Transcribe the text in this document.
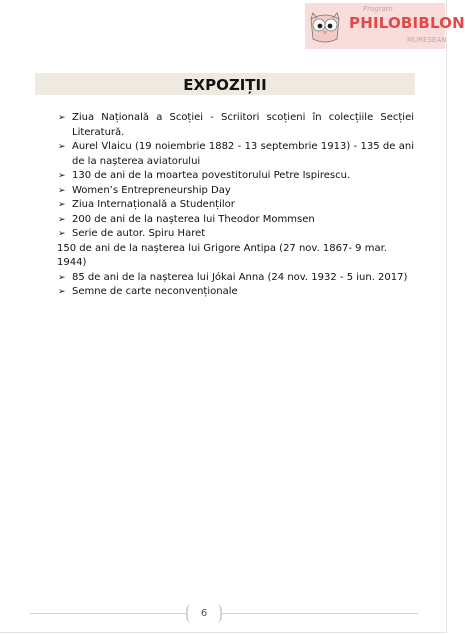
Program
PHILOBIBLON
MUREȘEAN
EXPOZIȚII
➢ Ziua Națională a Scoției - Scriitori scoțieni în colecțiile Secției Literatură.
➢ Aurel Vlaicu (19 noiembrie 1882 - 13 septembrie 1913) - 135 de ani de la nașterea aviatorului
➢ 130 de ani de la moartea povestitorului Petre Ispirescu.
➢ Women’s Entrepreneurship Day
➢ Ziua Internațională a Studenților
➢ 200 de ani de la nașterea lui Theodor Mommsen
➢ Serie de autor. Spiru Haret
150 de ani de la nașterea lui Grigore Antipa (27 nov. 1867- 9 mar. 1944)
➢ 85 de ani de la nașterea lui Jókai Anna (24 nov. 1932 - 5 iun. 2017)
➢ Semne de carte neconvenționale
6
